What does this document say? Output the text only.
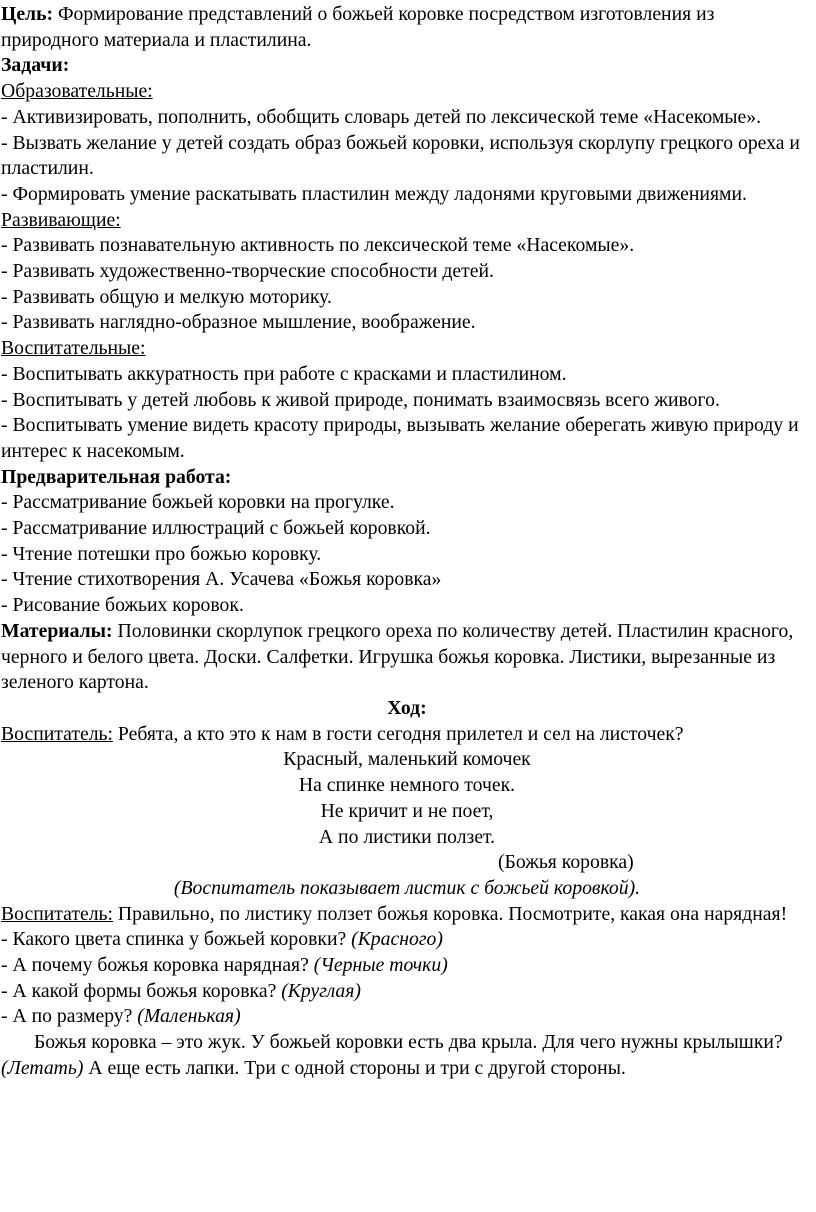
Цель: Формирование представлений о божьей коровке посредством изготовления из природного материала и пластилина.

Задачи:

Образовательные:

- Активизировать, пополнить, обобщить словарь детей по лексической теме «Насекомые».

- Вызвать желание у детей создать образ божьей коровки, используя скорлупу грецкого ореха и пластилин.

- Формировать умение раскатывать пластилин между ладонями круговыми движениями.

Развивающие:

- Развивать познавательную активность по лексической теме «Насекомые».

- Развивать художественно-творческие способности детей.

- Развивать общую и мелкую моторику.

- Развивать наглядно-образное мышление, воображение.

Воспитательные:

- Воспитывать аккуратность при работе с красками и пластилином.

- Воспитывать у детей любовь к живой природе, понимать взаимосвязь всего живого.

- Воспитывать умение видеть красоту природы, вызывать желание оберегать живую природу и интерес к насекомым.

Предварительная работа:

- Рассматривание божьей коровки на прогулке.

- Рассматривание иллюстраций с божьей коровкой.

- Чтение потешки про божью коровку.

- Чтение стихотворения А. Усачева «Божья коровка»

- Рисование божьих коровок.

Материалы: Половинки скорлупок грецкого ореха по количеству детей. Пластилин красного, черного и белого цвета. Доски. Салфетки. Игрушка божья коровка. Листики, вырезанные из зеленого картона.

Ход:

Воспитатель: Ребята, а кто это к нам в гости сегодня прилетел и сел на листочек?

Красный, маленький комочек

На спинке немного точек.

Не кричит и не поет,

А по листики ползет.

(Божья коровка)

(Воспитатель показывает листик с божьей коровкой).

Воспитатель: Правильно, по листику ползет божья коровка. Посмотрите, какая она нарядная!

- Какого цвета спинка у божьей коровки? (Красного)

- А почему божья коровка нарядная? (Черные точки)

- А какой формы божья коровка? (Круглая)

- А по размеру? (Маленькая)

Божья коровка – это жук. У божьей коровки есть два крыла. Для чего нужны крылышки? (Летать) А еще есть лапки. Три с одной стороны и три с другой стороны.
